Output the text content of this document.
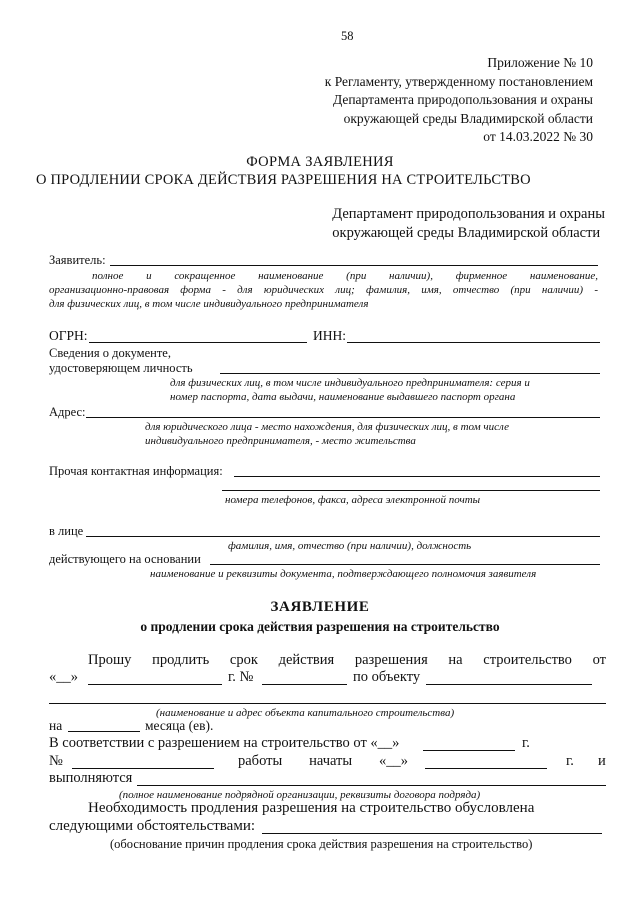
58
Приложение № 10
к Регламенту, утвержденному постановлением
Департамента природопользования и охраны
окружающей среды Владимирской области
от 14.03.2022 № 30
ФОРМА ЗАЯВЛЕНИЯ
О ПРОДЛЕНИИ СРОКА ДЕЙСТВИЯ РАЗРЕШЕНИЯ НА СТРОИТЕЛЬСТВО
Департамент природопользования и охраны
окружающей среды Владимирской области
Заявитель:
полное и сокращенное наименование (при наличии), фирменное наименование,
организационно-правовая форма - для юридических лиц; фамилия, имя, отчество (при наличии) -
для физических лиц, в том числе индивидуального предпринимателя
ОГРН:	ИНН:
Сведения о документе,
удостоверяющем личность
для физических лиц, в том числе индивидуального предпринимателя: серия и
номер паспорта, дата выдачи, наименование выдавшего паспорт органа
Адрес:
для юридического лица - место нахождения, для физических лиц, в том числе
индивидуального предпринимателя, - место жительства
Прочая контактная информация:
номера телефонов, факса, адреса электронной почты
в лице
фамилия, имя, отчество (при наличии), должность
действующего на основании
наименование и реквизиты документа, подтверждающего полномочия заявителя
ЗАЯВЛЕНИЕ
о продлении срока действия разрешения на строительство
Прошу продлить срок действия разрешения на строительство от
«__»	г. №	по объекту
(наименование и адрес объекта капитального строительства)
на	месяца (ев).
В соответствии с разрешением на строительство от «__»	г.
№	работы начаты «__»	г. и
выполняются
(полное наименование подрядной организации, реквизиты договора подряда)
Необходимость продления разрешения на строительство обусловлена
следующими обстоятельствами:
(обоснование причин продления срока действия разрешения на строительство)
